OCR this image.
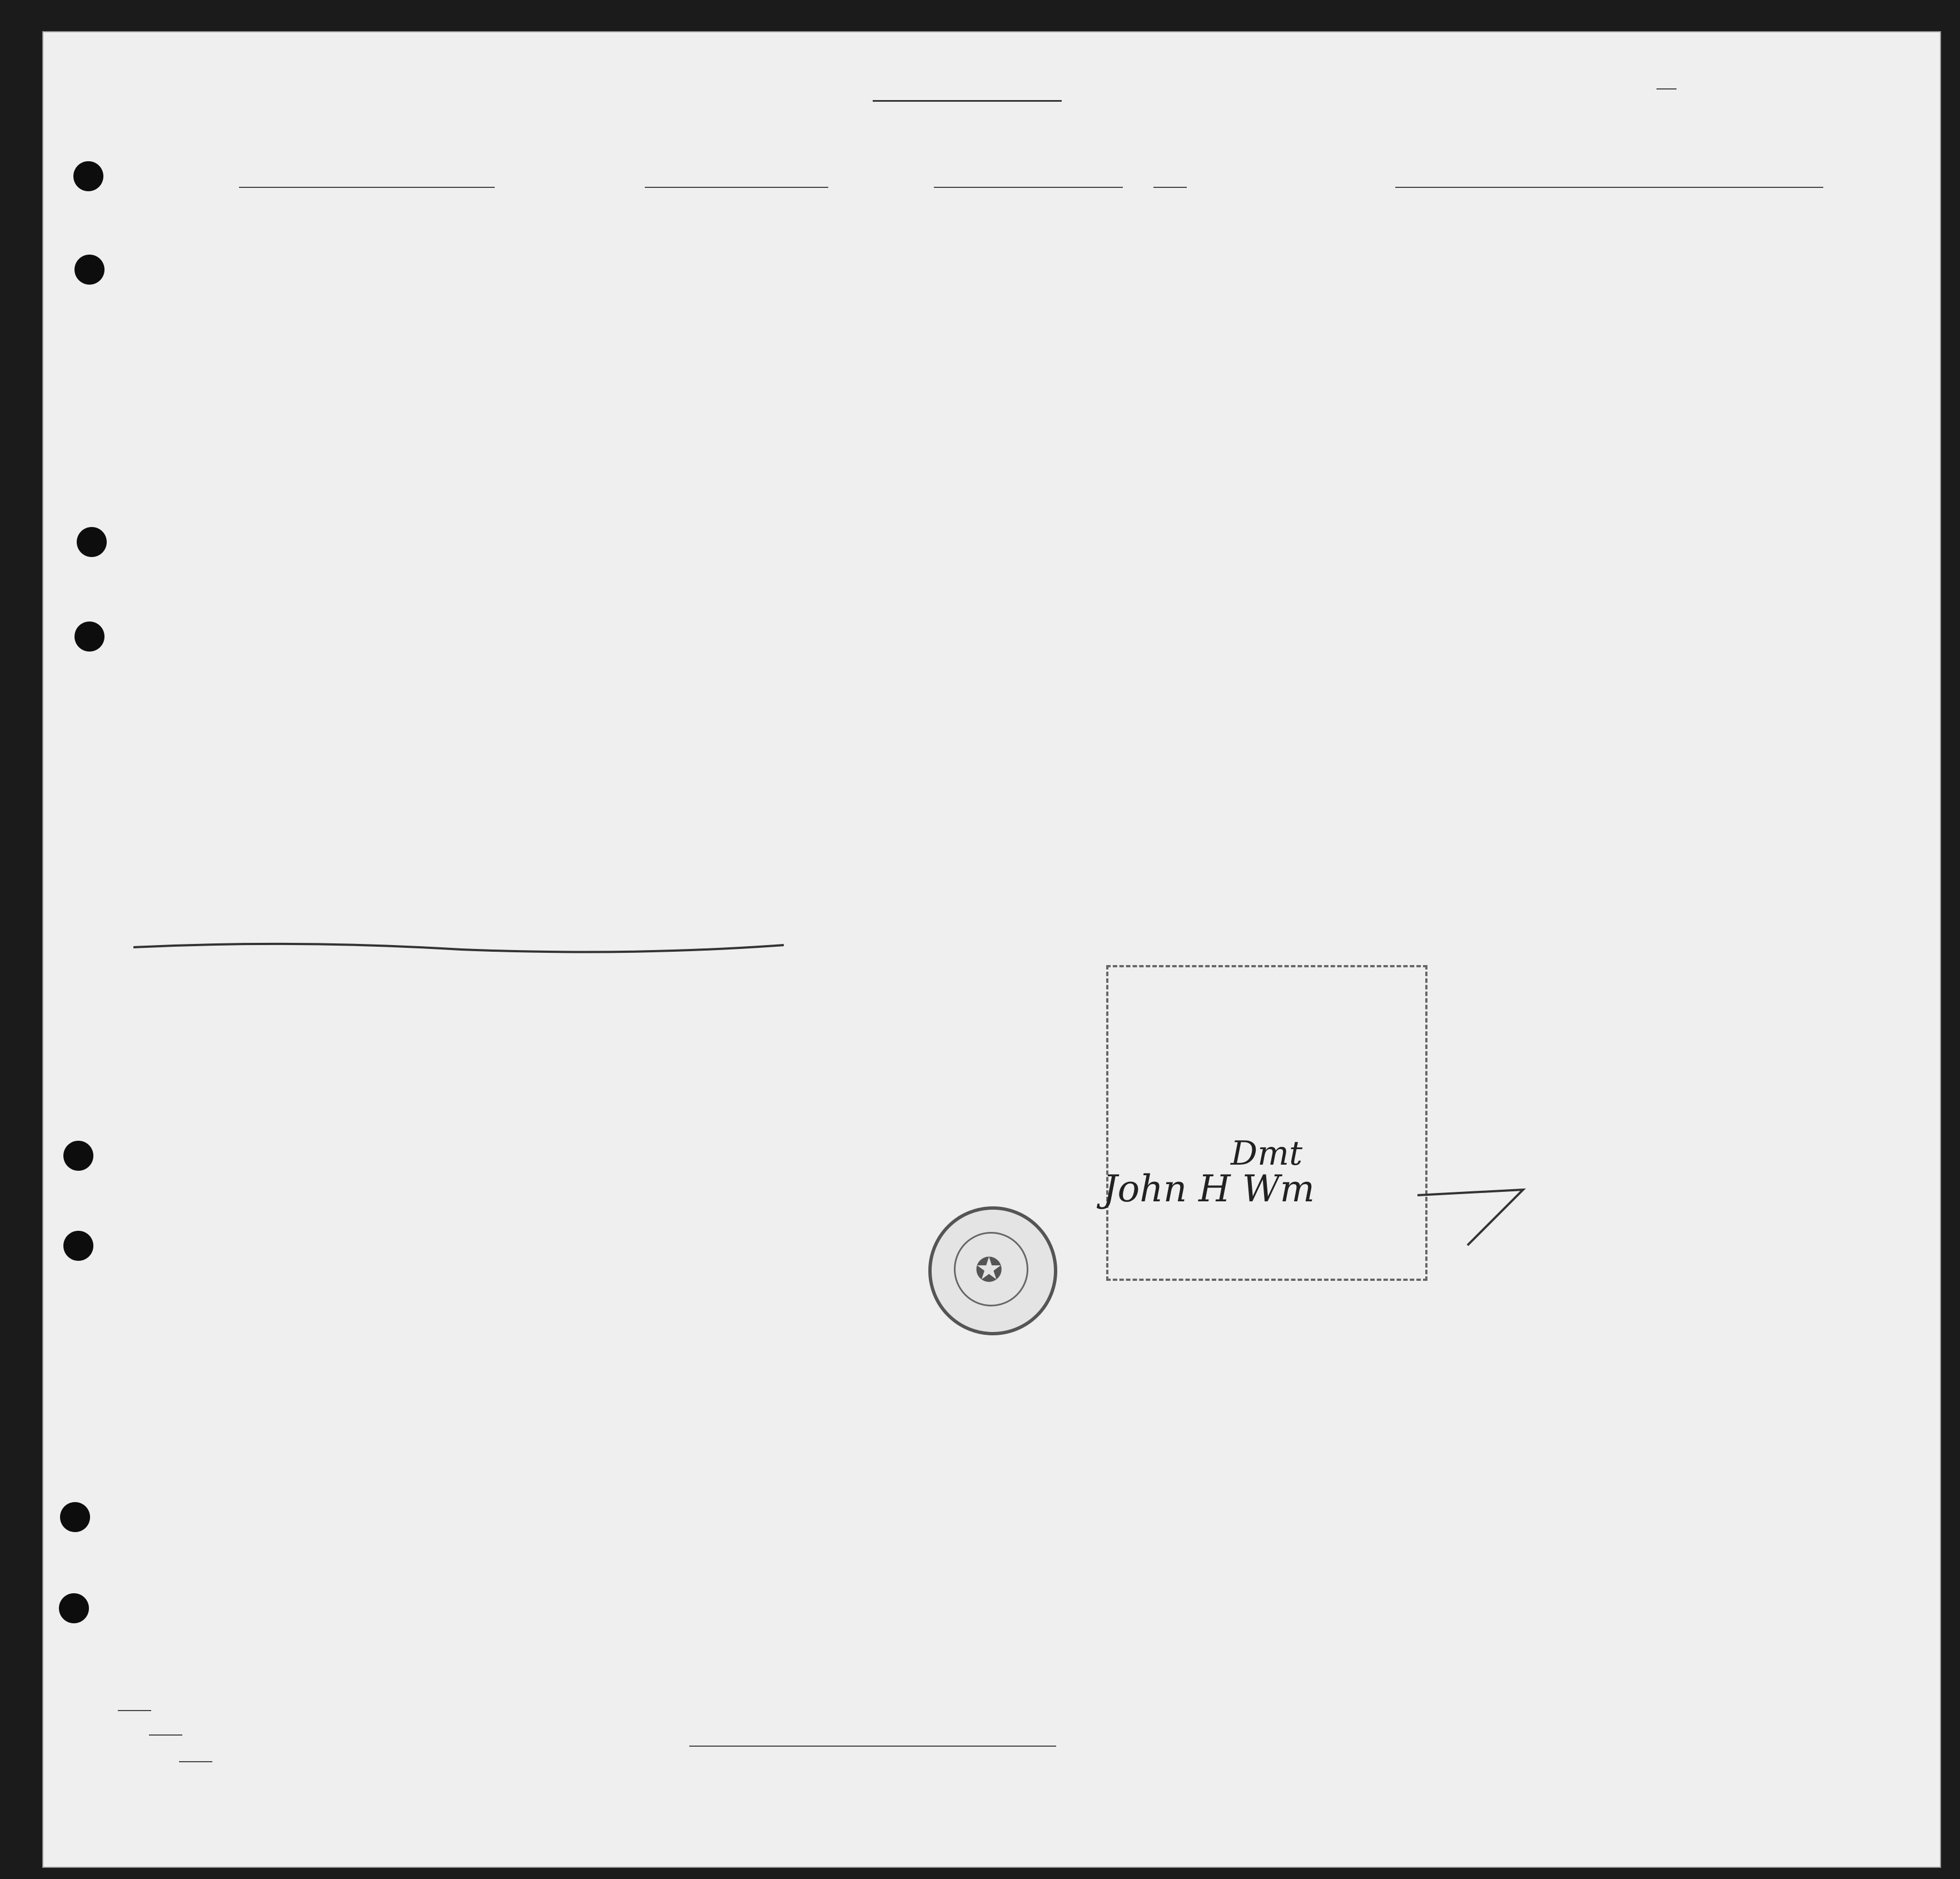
Dmt
John H Wm
✪
